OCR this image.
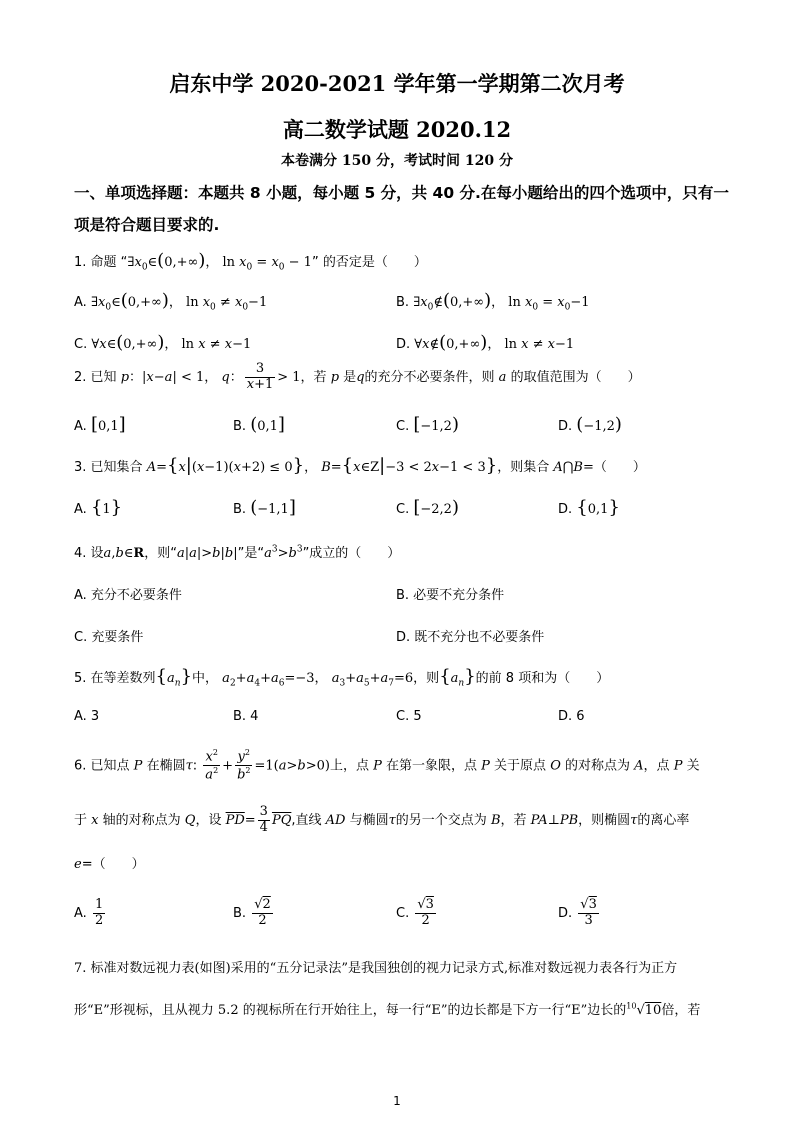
启东中学 2020-2021 学年第一学期第二次月考
高二数学试题 2020.12
本卷满分 150 分，考试时间 120 分
一、单项选择题：本题共 8 小题，每小题 5 分，共 40 分.在每小题给出的四个选项中，只有一
项是符合题目要求的.
1. 命题 “$\exists x_0\in(0,+\infty)$， $\ln x_0 = x_0 - 1$” 的否定是（　　）
A. $\exists x_0\in(0,+\infty)$， $\ln x_0 \ne x_0-1$	B. $\exists x_0\notin(0,+\infty)$， $\ln x_0 = x_0-1$
C. ∀x∈(0,+∞)， ln x ≠ x−1	D. ∀x∉(0,+∞)， ln x ≠ x−1
2. 已知 p：|x−a| < 1， q： $\frac{3}{x+1} > 1$，若 p 是q的充分不必要条件，则 a 的取值范围为（　　）
A. [0,1]	B. (0,1]	C. [−1,2)	D. (−1,2)
3. 已知集合 A={x|(x−1)(x+2) ≤ 0}， B={x∈Z|−3 < 2x−1 < 3}，则集合 A⋂B=（　　）
A. {1}	B. (−1,1]	C. [−2,2)	D. {0,1}
4. 设a,b∈R，则“a|a|>b|b|”是“$a^3>b^3$”成立的（　　）
A. 充分不必要条件	B. 必要不充分条件
C. 充要条件	D. 既不充分也不必要条件
5. 在等差数列$\{a_n\}$中， $a_2+a_4+a_6=-3$， $a_3+a_5+a_7=6$，则$\{a_n\}$的前 8 项和为（　　）
A. 3	B. 4	C. 5	D. 6
6. 已知点 P 在椭圆τ: $\frac{x^2}{a^2} + \frac{y^2}{b^2} =1(a>b>0)$上，点 P 在第一象限，点 P 关于原点 O 的对称点为 A，点 P 关
于 x 轴的对称点为 Q，设 $\overline{PD}= \frac{3}{4} \overline{PQ}$,直线 AD 与椭圆τ的另一个交点为 B，若 PA⊥PB，则椭圆τ的离心率
e=（　　）
A. $\frac{1}{2}$	B. $\frac{√2}{2}$	C. $\frac{√3}{2}$	D. $\frac{√3}{3}$
7. 标准对数远视力表(如图)采用的“五分记录法”是我国独创的视力记录方式,标准对数远视力表各行为正方
形“E”形视标，且从视力 5.2 的视标所在行开始往上，每一行“E”的边长都是下方一行“E”边长的$^{10}$√10倍，若
1
